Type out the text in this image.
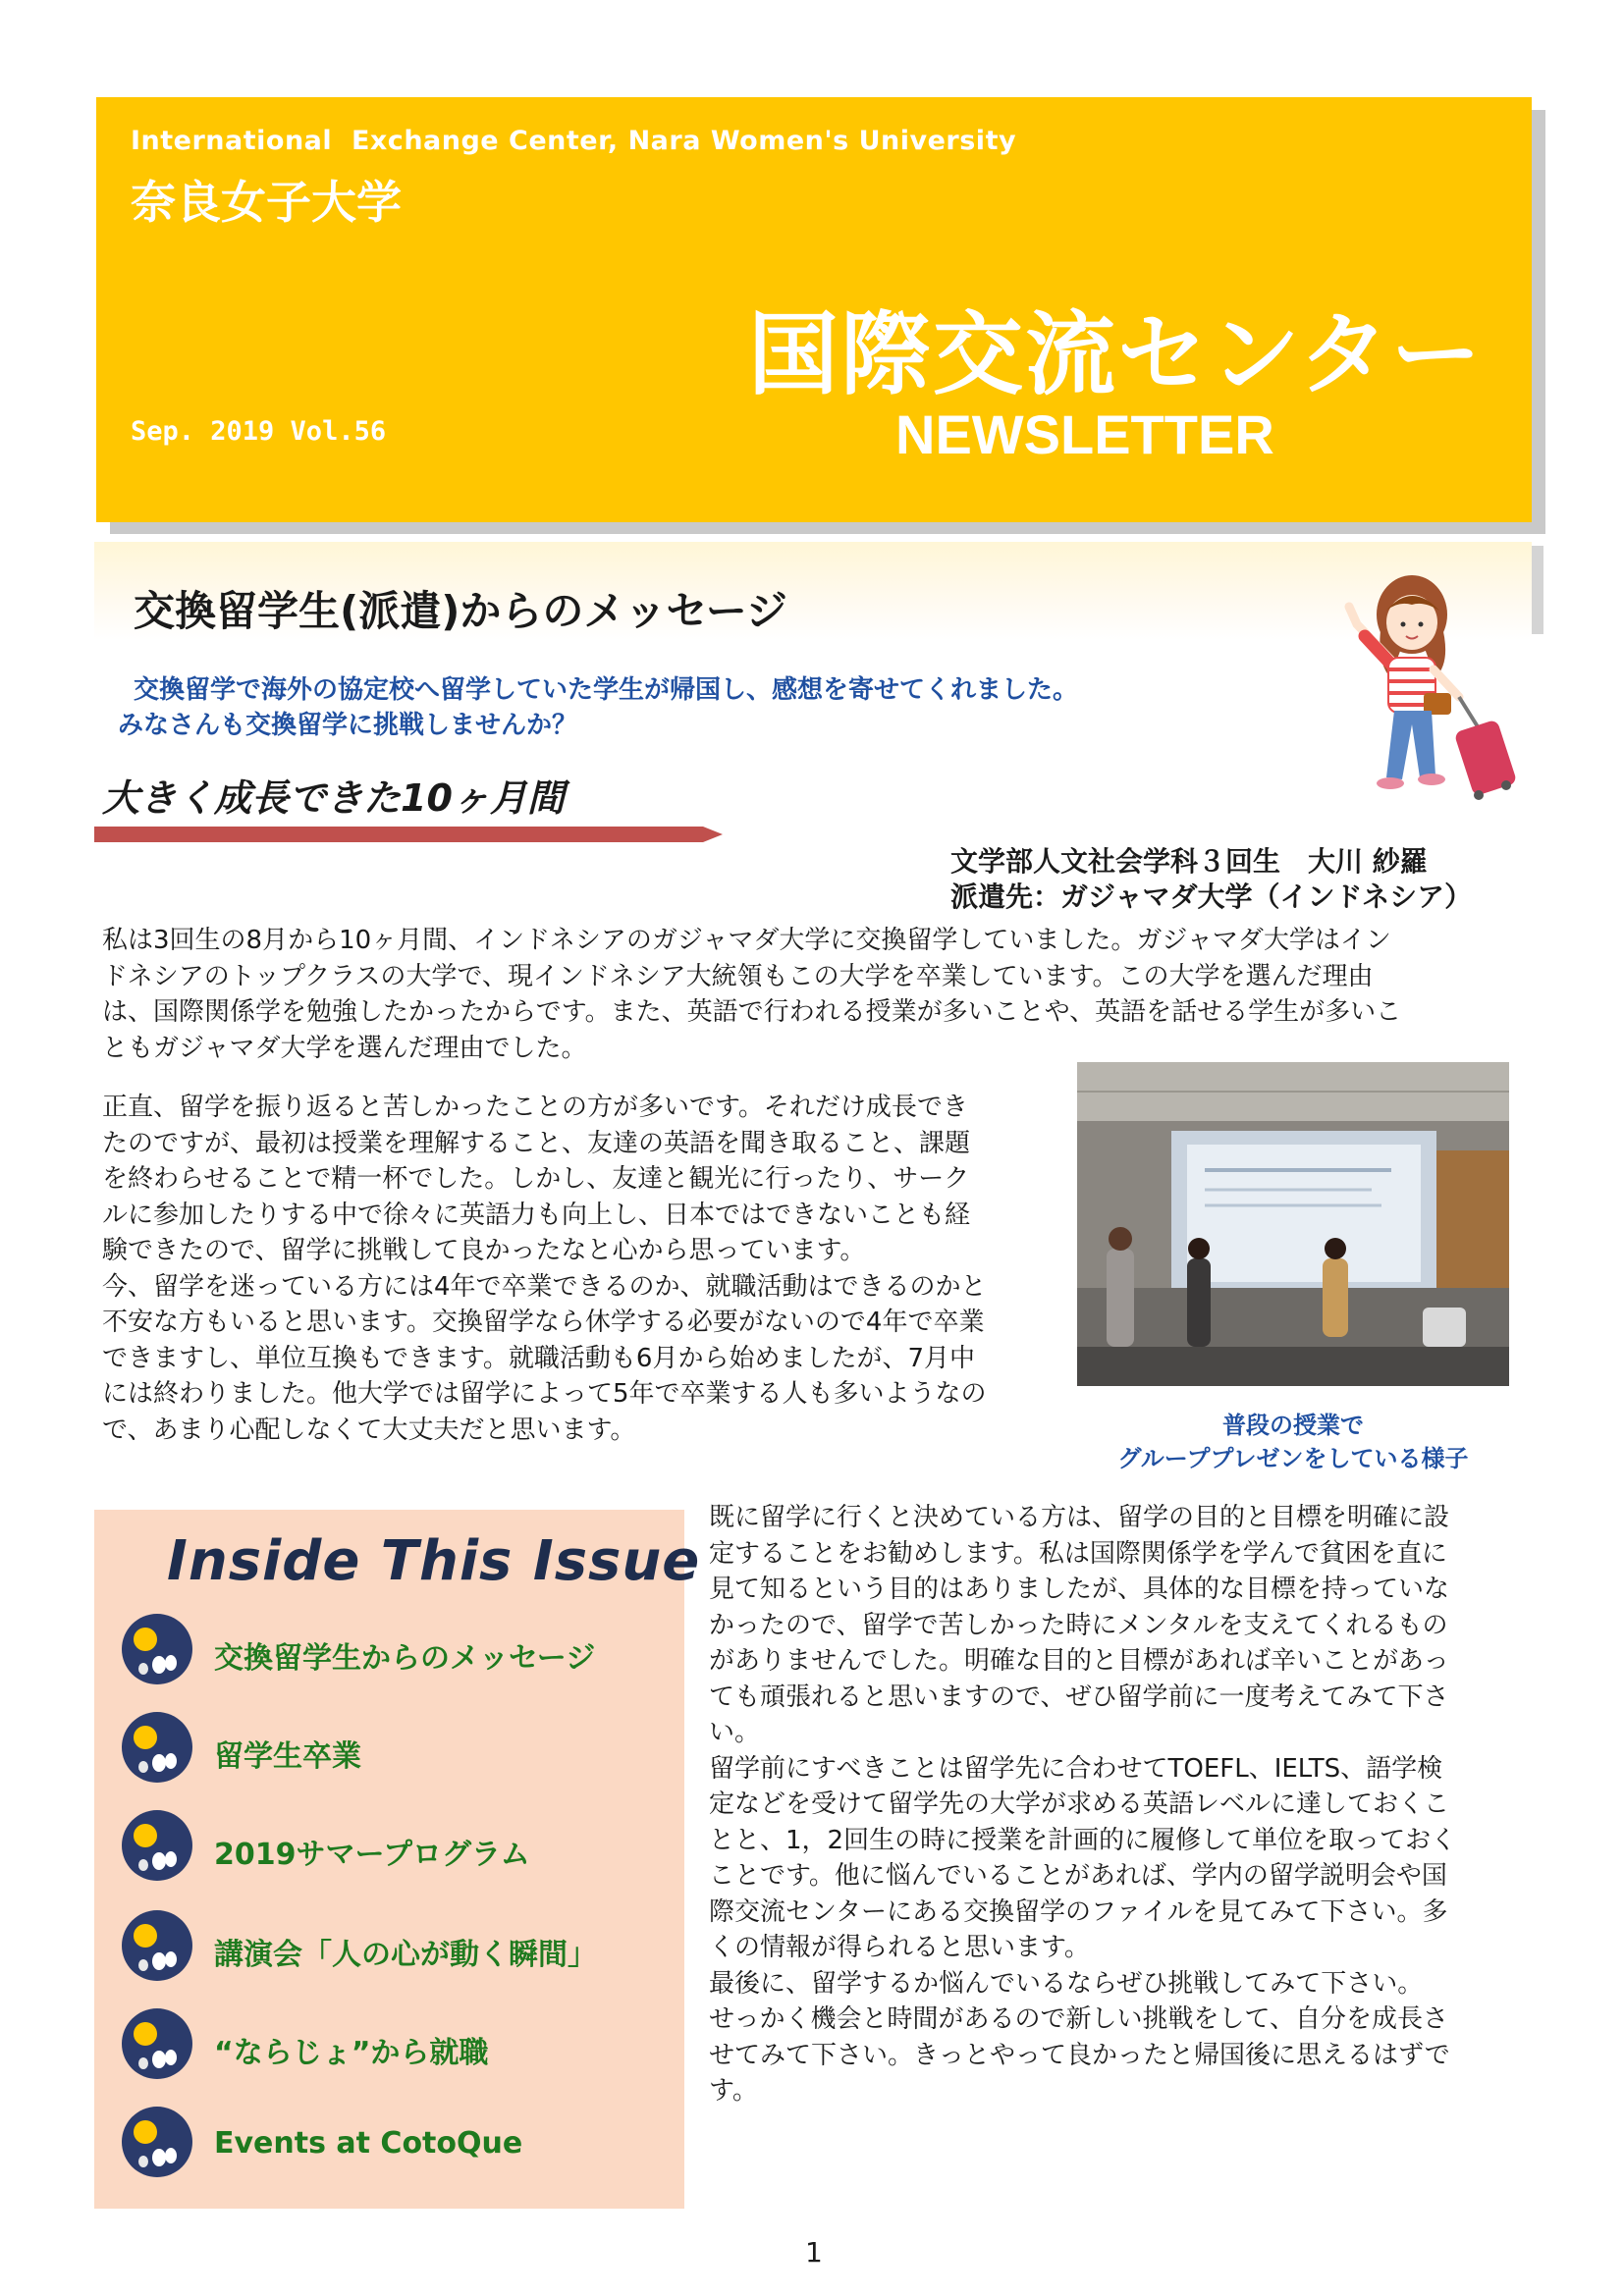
International  Exchange Center, Nara Women's University
奈良女子大学
国際交流センター
NEWSLETTER
Sep. 2019 Vol.56
交換留学生(派遣)からのメッセージ
交換留学で海外の協定校へ留学していた学生が帰国し、感想を寄せてくれました。
みなさんも交換留学に挑戦しませんか？
大きく成長できた10ヶ月間
文学部人文社会学科３回生　大川 紗羅
派遣先：ガジャマダ大学（インドネシア）
私は3回生の8月から10ヶ月間、インドネシアのガジャマダ大学に交換留学していました。ガジャマダ大学はイン
ドネシアのトップクラスの大学で、現インドネシア大統領もこの大学を卒業しています。この大学を選んだ理由
は、国際関係学を勉強したかったからです。また、英語で行われる授業が多いことや、英語を話せる学生が多いこ
ともガジャマダ大学を選んだ理由でした。
正直、留学を振り返ると苦しかったことの方が多いです。それだけ成長でき
たのですが、最初は授業を理解すること、友達の英語を聞き取ること、課題
を終わらせることで精一杯でした。しかし、友達と観光に行ったり、サーク
ルに参加したりする中で徐々に英語力も向上し、日本ではできないことも経
験できたので、留学に挑戦して良かったなと心から思っています。
今、留学を迷っている方には4年で卒業できるのか、就職活動はできるのかと
不安な方もいると思います。交換留学なら休学する必要がないので4年で卒業
できますし、単位互換もできます。就職活動も6月から始めましたが、7月中
には終わりました。他大学では留学によって5年で卒業する人も多いようなの
で、あまり心配しなくて大丈夫だと思います。	普段の授業で
グループプレゼンをしている様子
既に留学に行くと決めている方は、留学の目的と目標を明確に設
定することをお勧めします。私は国際関係学を学んで貧困を直に
見て知るという目的はありましたが、具体的な目標を持っていな
かったので、留学で苦しかった時にメンタルを支えてくれるもの
がありませんでした。明確な目的と目標があれば辛いことがあっ
ても頑張れると思いますので、ぜひ留学前に一度考えてみて下さ
い。
留学前にすべきことは留学先に合わせてTOEFL、IELTS、語学検
定などを受けて留学先の大学が求める英語レベルに達しておくこ
とと、1，2回生の時に授業を計画的に履修して単位を取っておく
ことです。他に悩んでいることがあれば、学内の留学説明会や国
際交流センターにある交換留学のファイルを見てみて下さい。多
くの情報が得られると思います。
最後に、留学するか悩んでいるならぜひ挑戦してみて下さい。
せっかく機会と時間があるので新しい挑戦をして、自分を成長さ
せてみて下さい。きっとやって良かったと帰国後に思えるはずで
す。
Inside This Issue
交換留学生からのメッセージ
留学生卒業
2019サマープログラム
講演会「人の心が動く瞬間」
“ならじょ”から就職
Events at CotoQue
1
